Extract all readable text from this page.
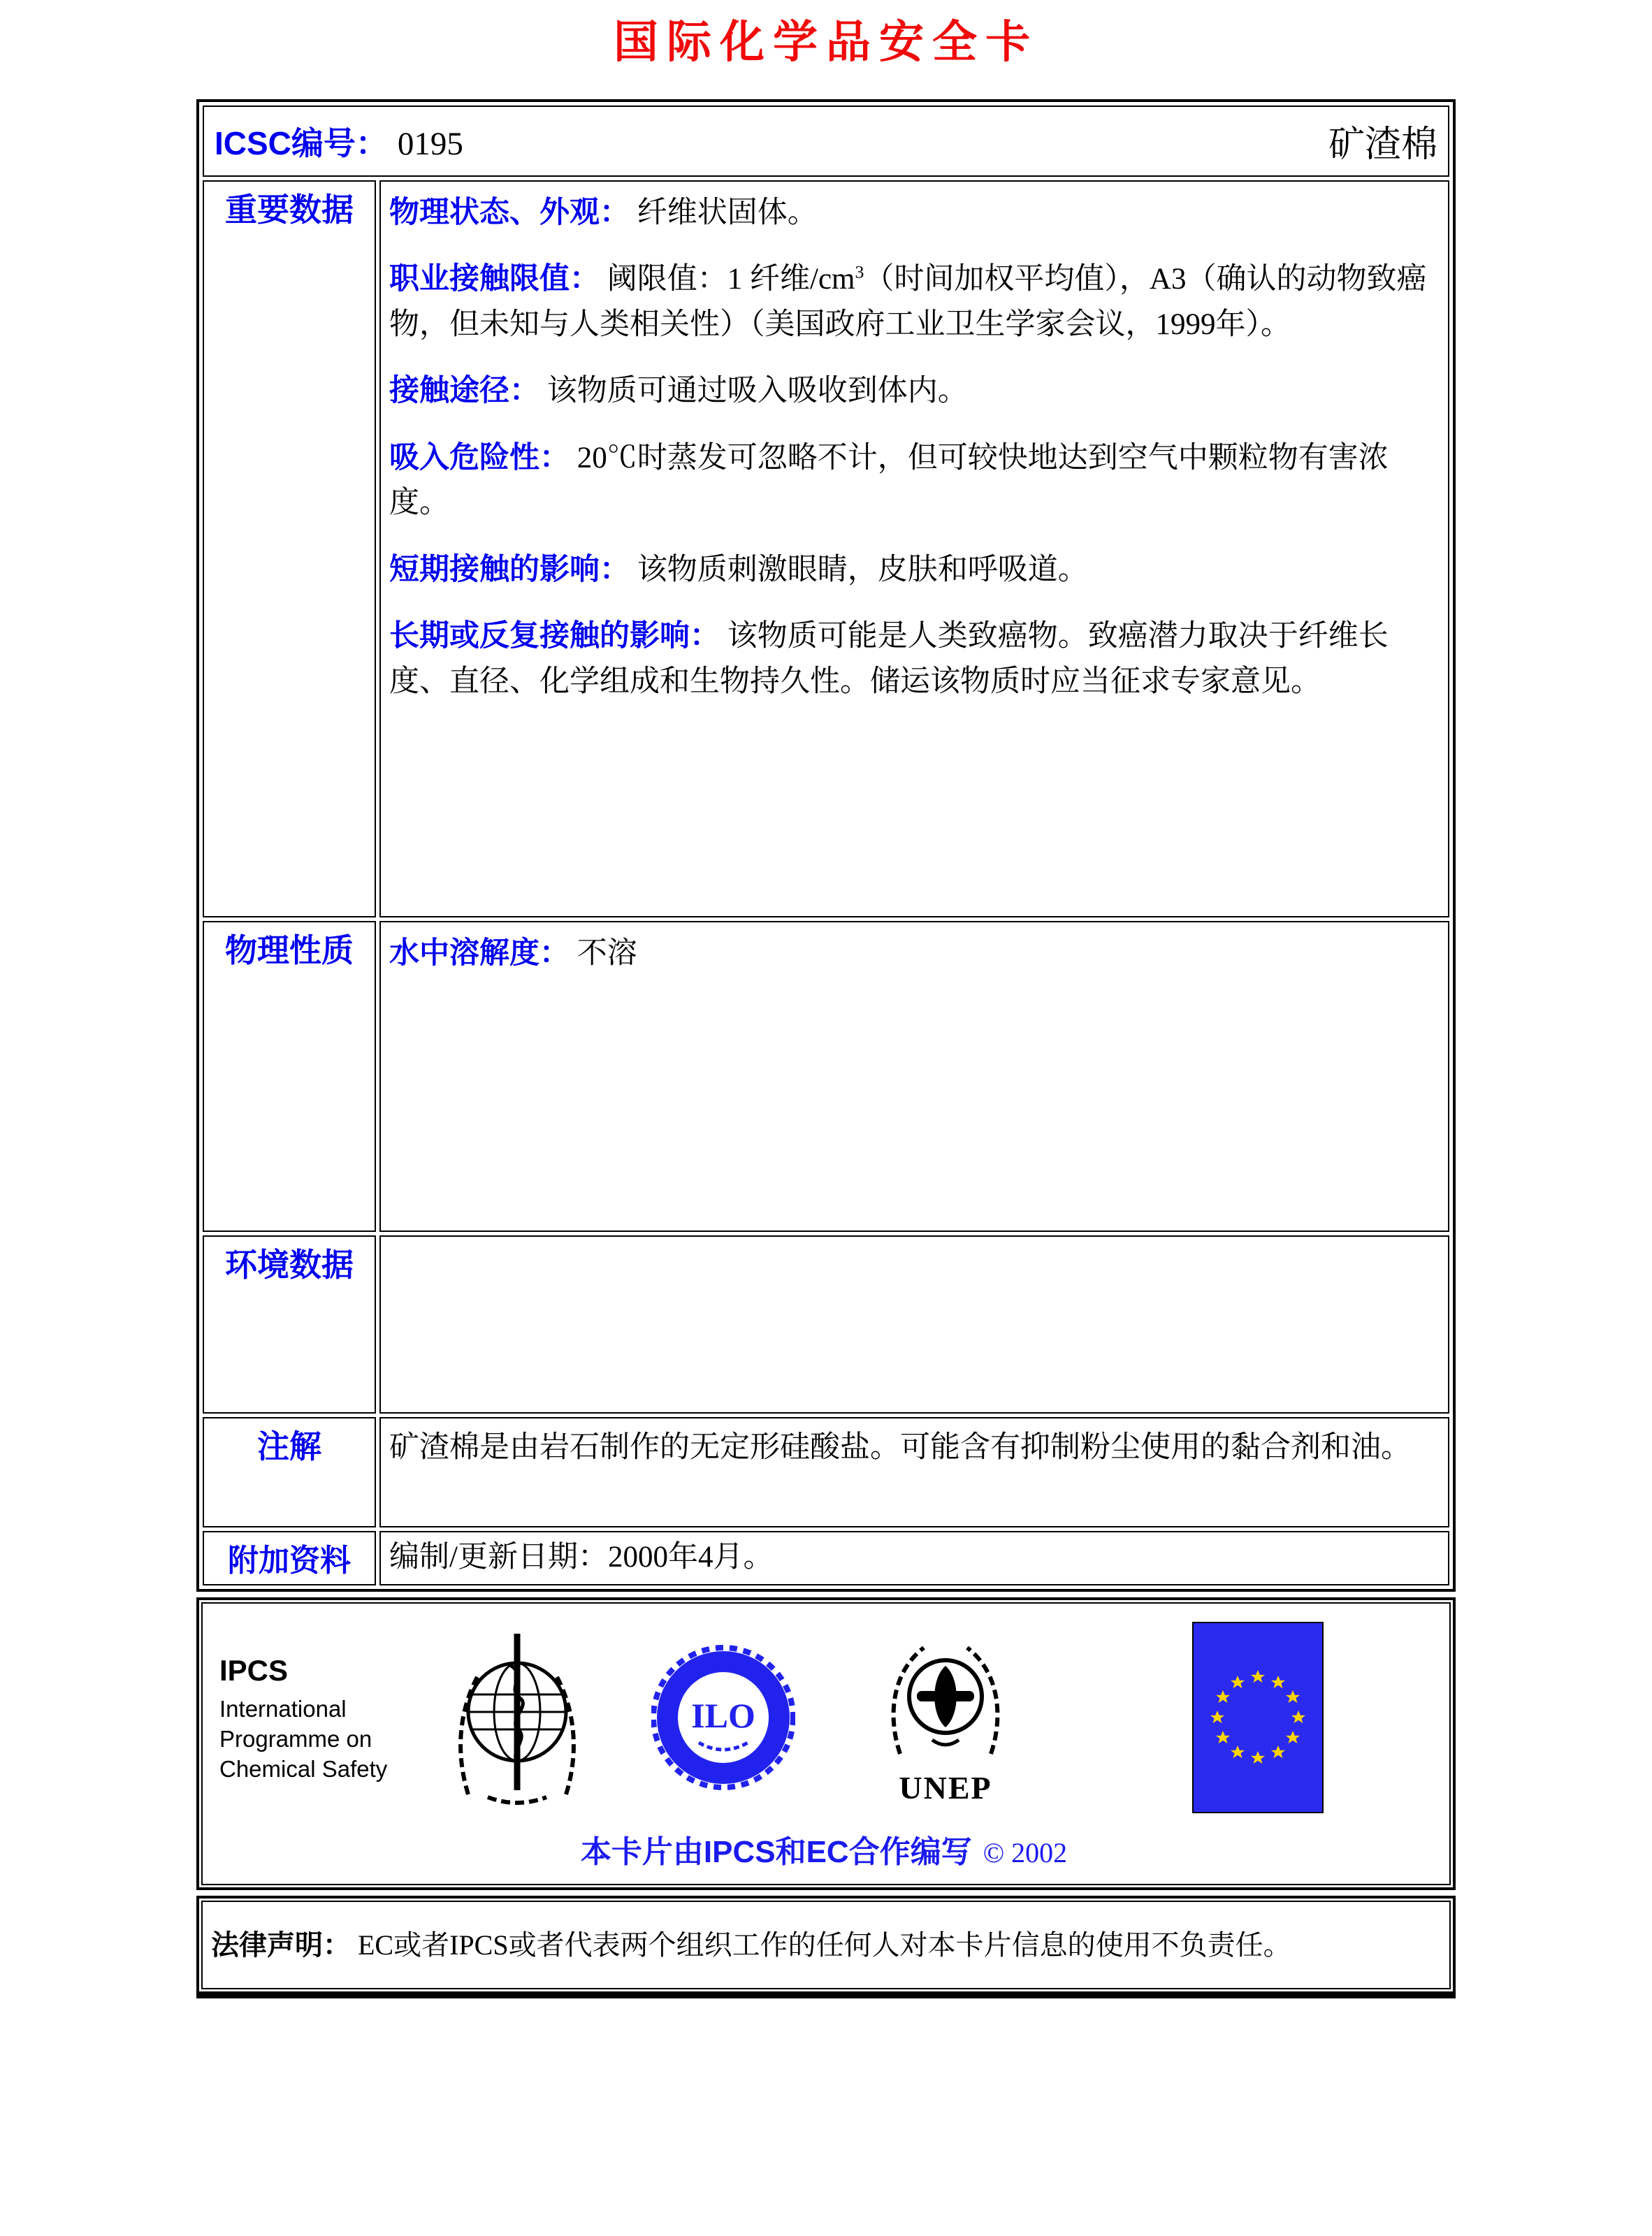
国际化学品安全卡
ICSC编号： 0195 矿渣棉	

重要数据	物理状态、外观： 纤维状固体。

职业接触限值： 阈限值：1 纤维$/cm^3$（时间加权平均值），A3（确认的动物致癌物，但未知与人类相关性）（美国政府工业卫生学家会议，1999年）。

接触途径： 该物质可通过吸入吸收到体内。

吸入危险性： 20℃时蒸发可忽略不计，但可较快地达到空气中颗粒物有害浓度。

短期接触的影响： 该物质刺激眼睛，皮肤和呼吸道。

长期或反复接触的影响： 该物质可能是人类致癌物。致癌潜力取决于纤维长度、直径、化学组成和生物持久性。储运该物质时应当征求专家意见。

物理性质	水中溶解度： 不溶

环境数据	
注解	矿渣棉是由岩石制作的无定形硅酸盐。可能含有抑制粉尘使用的黏合剂和油。
附加资料	编制/更新日期：2000年4月。
IPCS
International
Programme on
Chemical Safety
ILO
UNEP
本卡片由IPCS和EC合作编写 © 2002
法律声明： EC或者IPCS或者代表两个组织工作的任何人对本卡片信息的使用不负责任。
